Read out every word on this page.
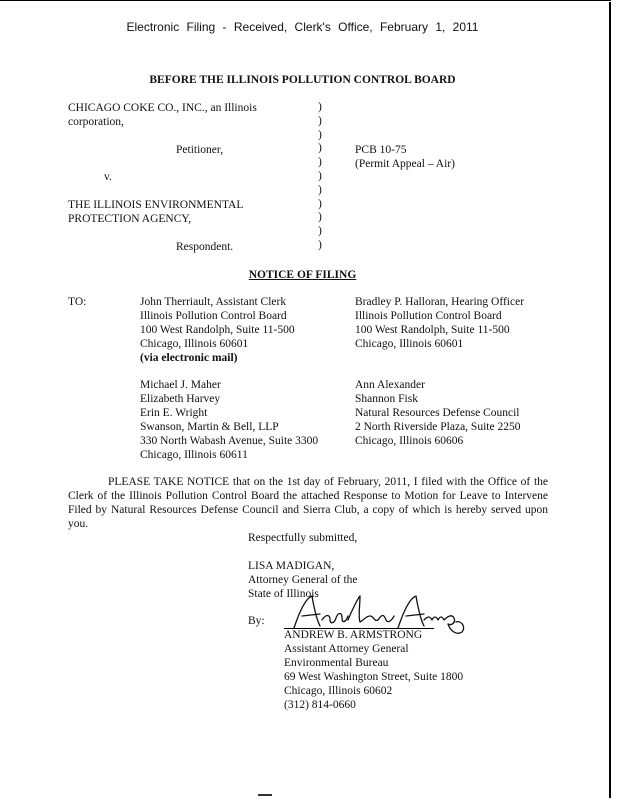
Electronic Filing - Received, Clerk's Office, February 1, 2011
BEFORE THE ILLINOIS POLLUTION CONTROL BOARD
CHICAGO COKE CO., INC., an Illinois
corporation,
Petitioner,
v.
THE ILLINOIS ENVIRONMENTAL
PROTECTION AGENCY,
Respondent.
)
)
)
)
)
)
)
)
)
)
)
PCB 10-75
(Permit Appeal – Air)
NOTICE OF FILING
TO:	John Therriault, Assistant Clerk
Illinois Pollution Control Board
100 West Randolph, Suite 11-500
Chicago, Illinois 60601
(via electronic mail)
Bradley P. Halloran, Hearing Officer
Illinois Pollution Control Board
100 West Randolph, Suite 11-500
Chicago, Illinois 60601
Michael J. Maher
Elizabeth Harvey
Erin E. Wright
Swanson, Martin & Bell, LLP
330 North Wabash Avenue, Suite 3300
Chicago, Illinois 60611
Ann Alexander
Shannon Fisk
Natural Resources Defense Council
2 North Riverside Plaza, Suite 2250
Chicago, Illinois 60606
PLEASE TAKE NOTICE that on the 1st day of February, 2011, I filed with the Office of the Clerk of the Illinois Pollution Control Board the attached Response to Motion for Leave to Intervene Filed by Natural Resources Defense Council and Sierra Club, a copy of which is hereby served upon you.
Respectfully submitted,
LISA MADIGAN,
Attorney General of the
State of Illinois
By:
ANDREW B. ARMSTRONG
Assistant Attorney General
Environmental Bureau
69 West Washington Street, Suite 1800
Chicago, Illinois 60602
(312) 814-0660
